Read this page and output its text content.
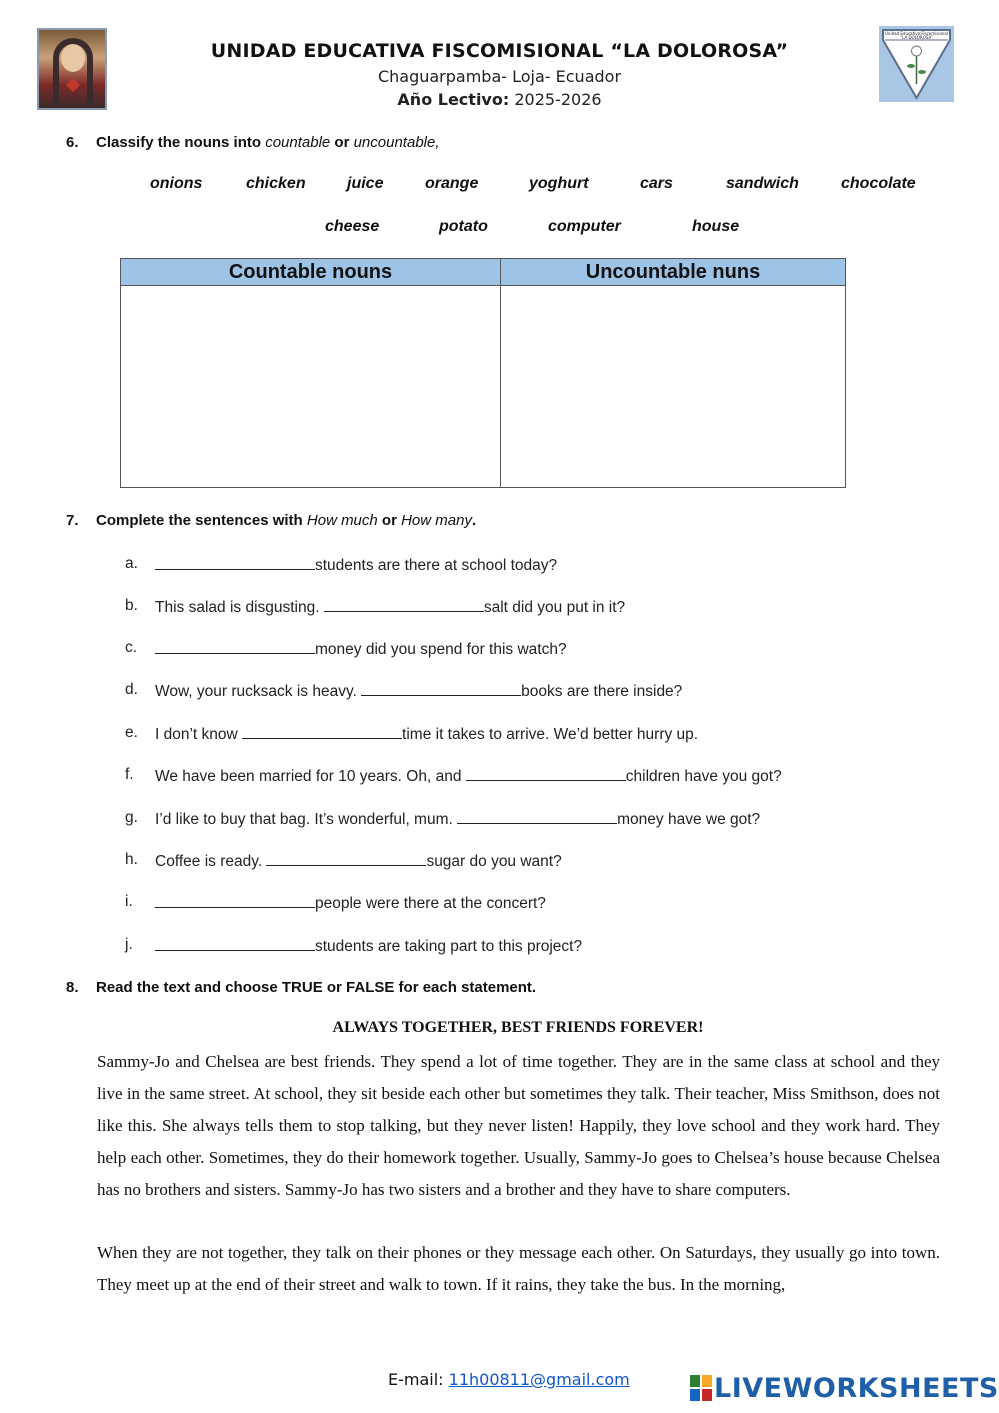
Unidad Educativa Fiscomisional
“LA DOLOROSA”
UNIDAD EDUCATIVA FISCOMISIONAL “LA DOLOROSA”
Chaguarpamba- Loja- Ecuador
Año Lectivo: 2025-2026
6. Classify the nouns into countable or uncountable,
onions	chicken	juice	orange	yoghurt	cars	sandwich	chocolate
cheese	potato	computer	house
Countable nouns	Uncountable nuns

7. Complete the sentences with How much or How many.
a.	students are there at school today?
b. This salad is disgusting.	salt did you put in it?
c.	money did you spend for this watch?
d. Wow, your rucksack is heavy.	books are there inside?
e. I don’t know	time it takes to arrive. We’d better hurry up.
f. We have been married for 10 years. Oh, and	children have you got?
g. I’d like to buy that bag. It’s wonderful, mum.	money have we got?
h. Coffee is ready.	sugar do you want?
i.	people were there at the concert?
j.	students are taking part to this project?
8. Read the text and choose TRUE or FALSE for each statement.
ALWAYS TOGETHER, BEST FRIENDS FOREVER!
Sammy-Jo and Chelsea are best friends. They spend a lot of time together. They are in the same class at school and they live in the same street. At school, they sit beside each other but sometimes they talk. Their teacher, Miss Smithson, does not like this. She always tells them to stop talking, but they never listen! Happily, they love school and they work hard. They help each other. Sometimes, they do their homework together. Usually, Sammy-Jo goes to Chelsea’s house because Chelsea has no brothers and sisters. Sammy-Jo has two sisters and a brother and they have to share computers.
When they are not together, they talk on their phones or they message each other. On Saturdays, they usually go into town. They meet up at the end of their street and walk to town. If it rains, they take the bus. In the morning,
E-mail: 11h00811@gmail.com	LIVEWORKSHEETS
